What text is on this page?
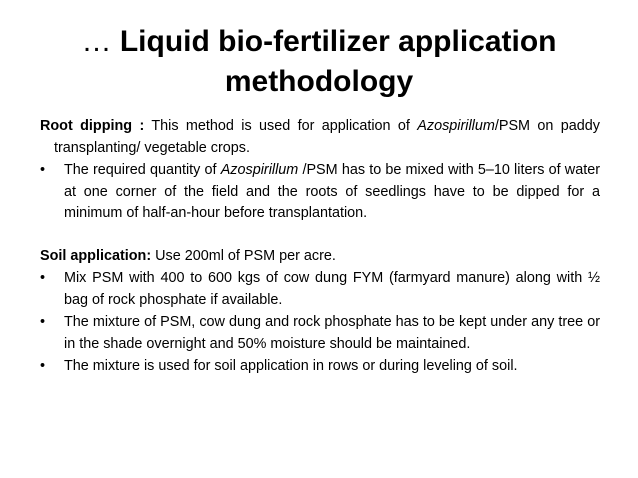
… Liquid bio-fertilizer application
methodology

Root dipping : This method is used for application of Azospirillum/PSM on paddy transplanting/ vegetable crops.

• The required quantity of Azospirillum /PSM has to be mixed with 5–10 liters of water at one corner of the field and the roots of seedlings have to be dipped for a minimum of half-an-hour before transplantation.

Soil application: Use 200ml of PSM per acre.

• Mix PSM with 400 to 600 kgs of cow dung FYM (farmyard manure) along with ½ bag of rock phosphate if available.
• The mixture of PSM, cow dung and rock phosphate has to be kept under any tree or in the shade overnight and 50% moisture should be maintained.
• The mixture is used for soil application in rows or during leveling of soil.
